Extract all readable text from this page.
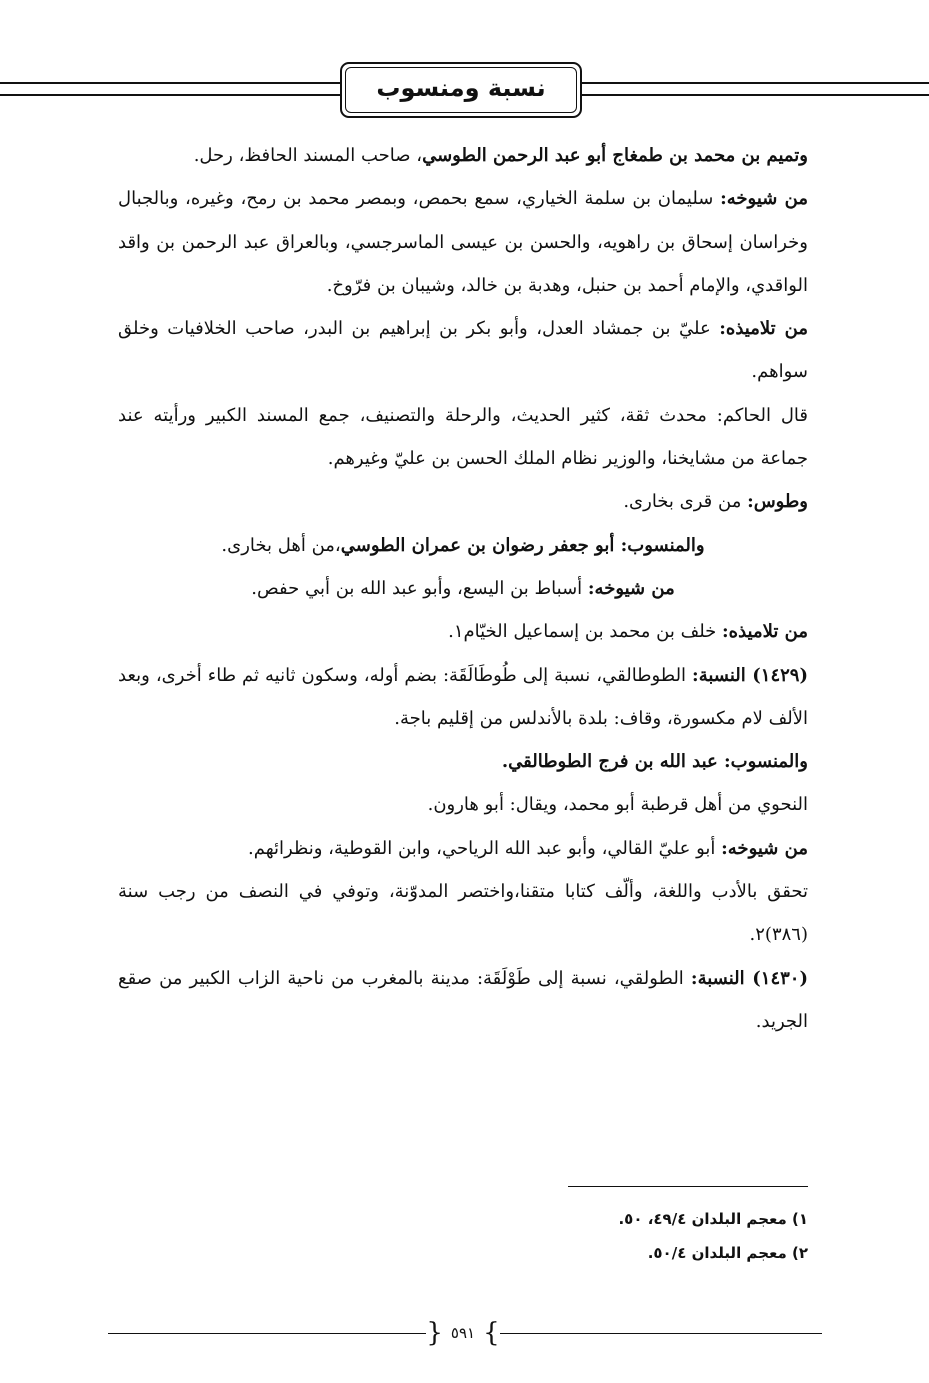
نسبة ومنسوب

وتميم بن محمد بن طمغاج أبو عبد الرحمن الطوسي، صاحب المسند الحافظ، رحل.

من شيوخه: سليمان بن سلمة الخياري، سمع بحمص، وبمصر محمد بن رمح، وغيره، وبالجبال وخراسان إسحاق بن راهويه، والحسن بن عيسى الماسرجسي، وبالعراق عبد الرحمن بن واقد الواقدي، والإمام أحمد بن حنبل، وهدبة بن خالد، وشيبان بن فرّوخ.

من تلاميذه: عليّ بن جمشاد العدل، وأبو بكر بن إبراهيم بن البدر، صاحب الخلافيات وخلق سواهم.

قال الحاكم: محدث ثقة، كثير الحديث، والرحلة والتصنيف، جمع المسند الكبير ورأيته عند جماعة من مشايخنا، والوزير نظام الملك الحسن بن عليّ وغيرهم.

وطوس: من قرى بخارى.

والمنسوب: أبو جعفر رضوان بن عمران الطوسي،من أهل بخارى.

من شيوخه: أسباط بن اليسع، وأبو عبد الله بن أبي حفص.

من تلاميذه: خلف بن محمد بن إسماعيل الخيّام١.

(١٤٢٩) النسبة: الطوطالقي، نسبة إلى طُوطَالَقَة: بضم أوله، وسكون ثانيه ثم طاء أخرى، وبعد الألف لام مكسورة، وقاف: بلدة بالأندلس من إقليم باجة.

والمنسوب: عبد الله بن فرج الطوطالقي.

النحوي من أهل قرطبة أبو محمد، ويقال: أبو هارون.

من شيوخه: أبو عليّ القالي، وأبو عبد الله الرياحي، وابن القوطية، ونظرائهم.

تحقق بالأدب واللغة، وألّف كتابا متقنا،واختصر المدوّنة، وتوفي في النصف من رجب سنة (٣٨٦)٢.

(١٤٣٠) النسبة: الطولقي، نسبة إلى طَوْلَقَة: مدينة بالمغرب من ناحية الزاب الكبير من صقع الجريد.

١) معجم البلدان ٤٩/٤، ٥٠.

٢) معجم البلدان ٥٠/٤.

}
٥٩١
{
